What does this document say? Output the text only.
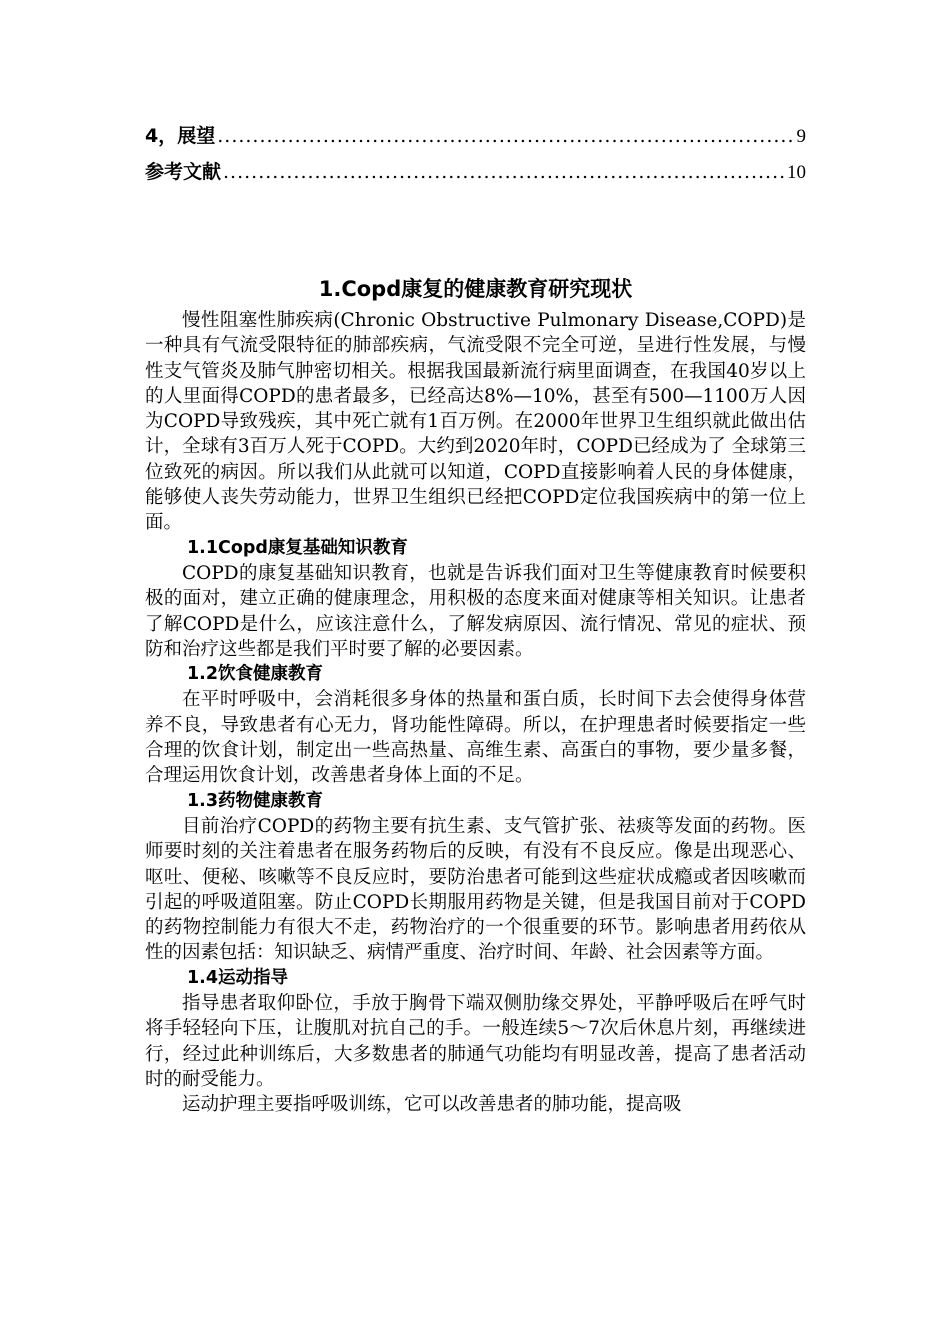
4，展望 .....	9
参考文献 .....	10
1.Copd康复的健康教育研究现状

慢性阻塞性肺疾病(Chronic Obstructive Pulmonary Disease,COPD)是一种具有气流受限特征的肺部疾病，气流受限不完全可逆，呈进行性发展，与慢性支气管炎及肺气肿密切相关。根据我国最新流行病里面调查，在我国40岁以上的人里面得COPD的患者最多，已经高达8%—10%，甚至有500—1100万人因为COPD导致残疾，其中死亡就有1百万例。在2000年世界卫生组织就此做出估计，全球有3百万人死于COPD。大约到2020年时，COPD已经成为了 全球第三位致死的病因。所以我们从此就可以知道，COPD直接影响着人民的身体健康，能够使人丧失劳动能力，世界卫生组织已经把COPD定位我国疾病中的第一位上面。

1.1Copd康复基础知识教育

COPD的康复基础知识教育，也就是告诉我们面对卫生等健康教育时候要积极的面对，建立正确的健康理念，用积极的态度来面对健康等相关知识。让患者了解COPD是什么，应该注意什么，了解发病原因、流行情况、常见的症状、预防和治疗这些都是我们平时要了解的必要因素。

1.2饮食健康教育

在平时呼吸中，会消耗很多身体的热量和蛋白质，长时间下去会使得身体营养不良，导致患者有心无力，肾功能性障碍。所以，在护理患者时候要指定一些合理的饮食计划，制定出一些高热量、高维生素、高蛋白的事物，要少量多餐，合理运用饮食计划，改善患者身体上面的不足。

1.3药物健康教育

目前治疗COPD的药物主要有抗生素、支气管扩张、祛痰等发面的药物。医师要时刻的关注着患者在服务药物后的反映，有没有不良反应。像是出现恶心、呕吐、便秘、咳嗽等不良反应时，要防治患者可能到这些症状成瘾或者因咳嗽而引起的呼吸道阻塞。防止COPD长期服用药物是关键，但是我国目前对于COPD的药物控制能力有很大不走，药物治疗的一个很重要的环节。影响患者用药依从性的因素包括：知识缺乏、病情严重度、治疗时间、年龄、社会因素等方面。

1.4运动指导

指导患者取仰卧位，手放于胸骨下端双侧肋缘交界处，平静呼吸后在呼气时将手轻轻向下压，让腹肌对抗自己的手。一般连续5～7次后休息片刻，再继续进行，经过此种训练后，大多数患者的肺通气功能均有明显改善，提高了患者活动时的耐受能力。

运动护理主要指呼吸训练，它可以改善患者的肺功能，提高吸
